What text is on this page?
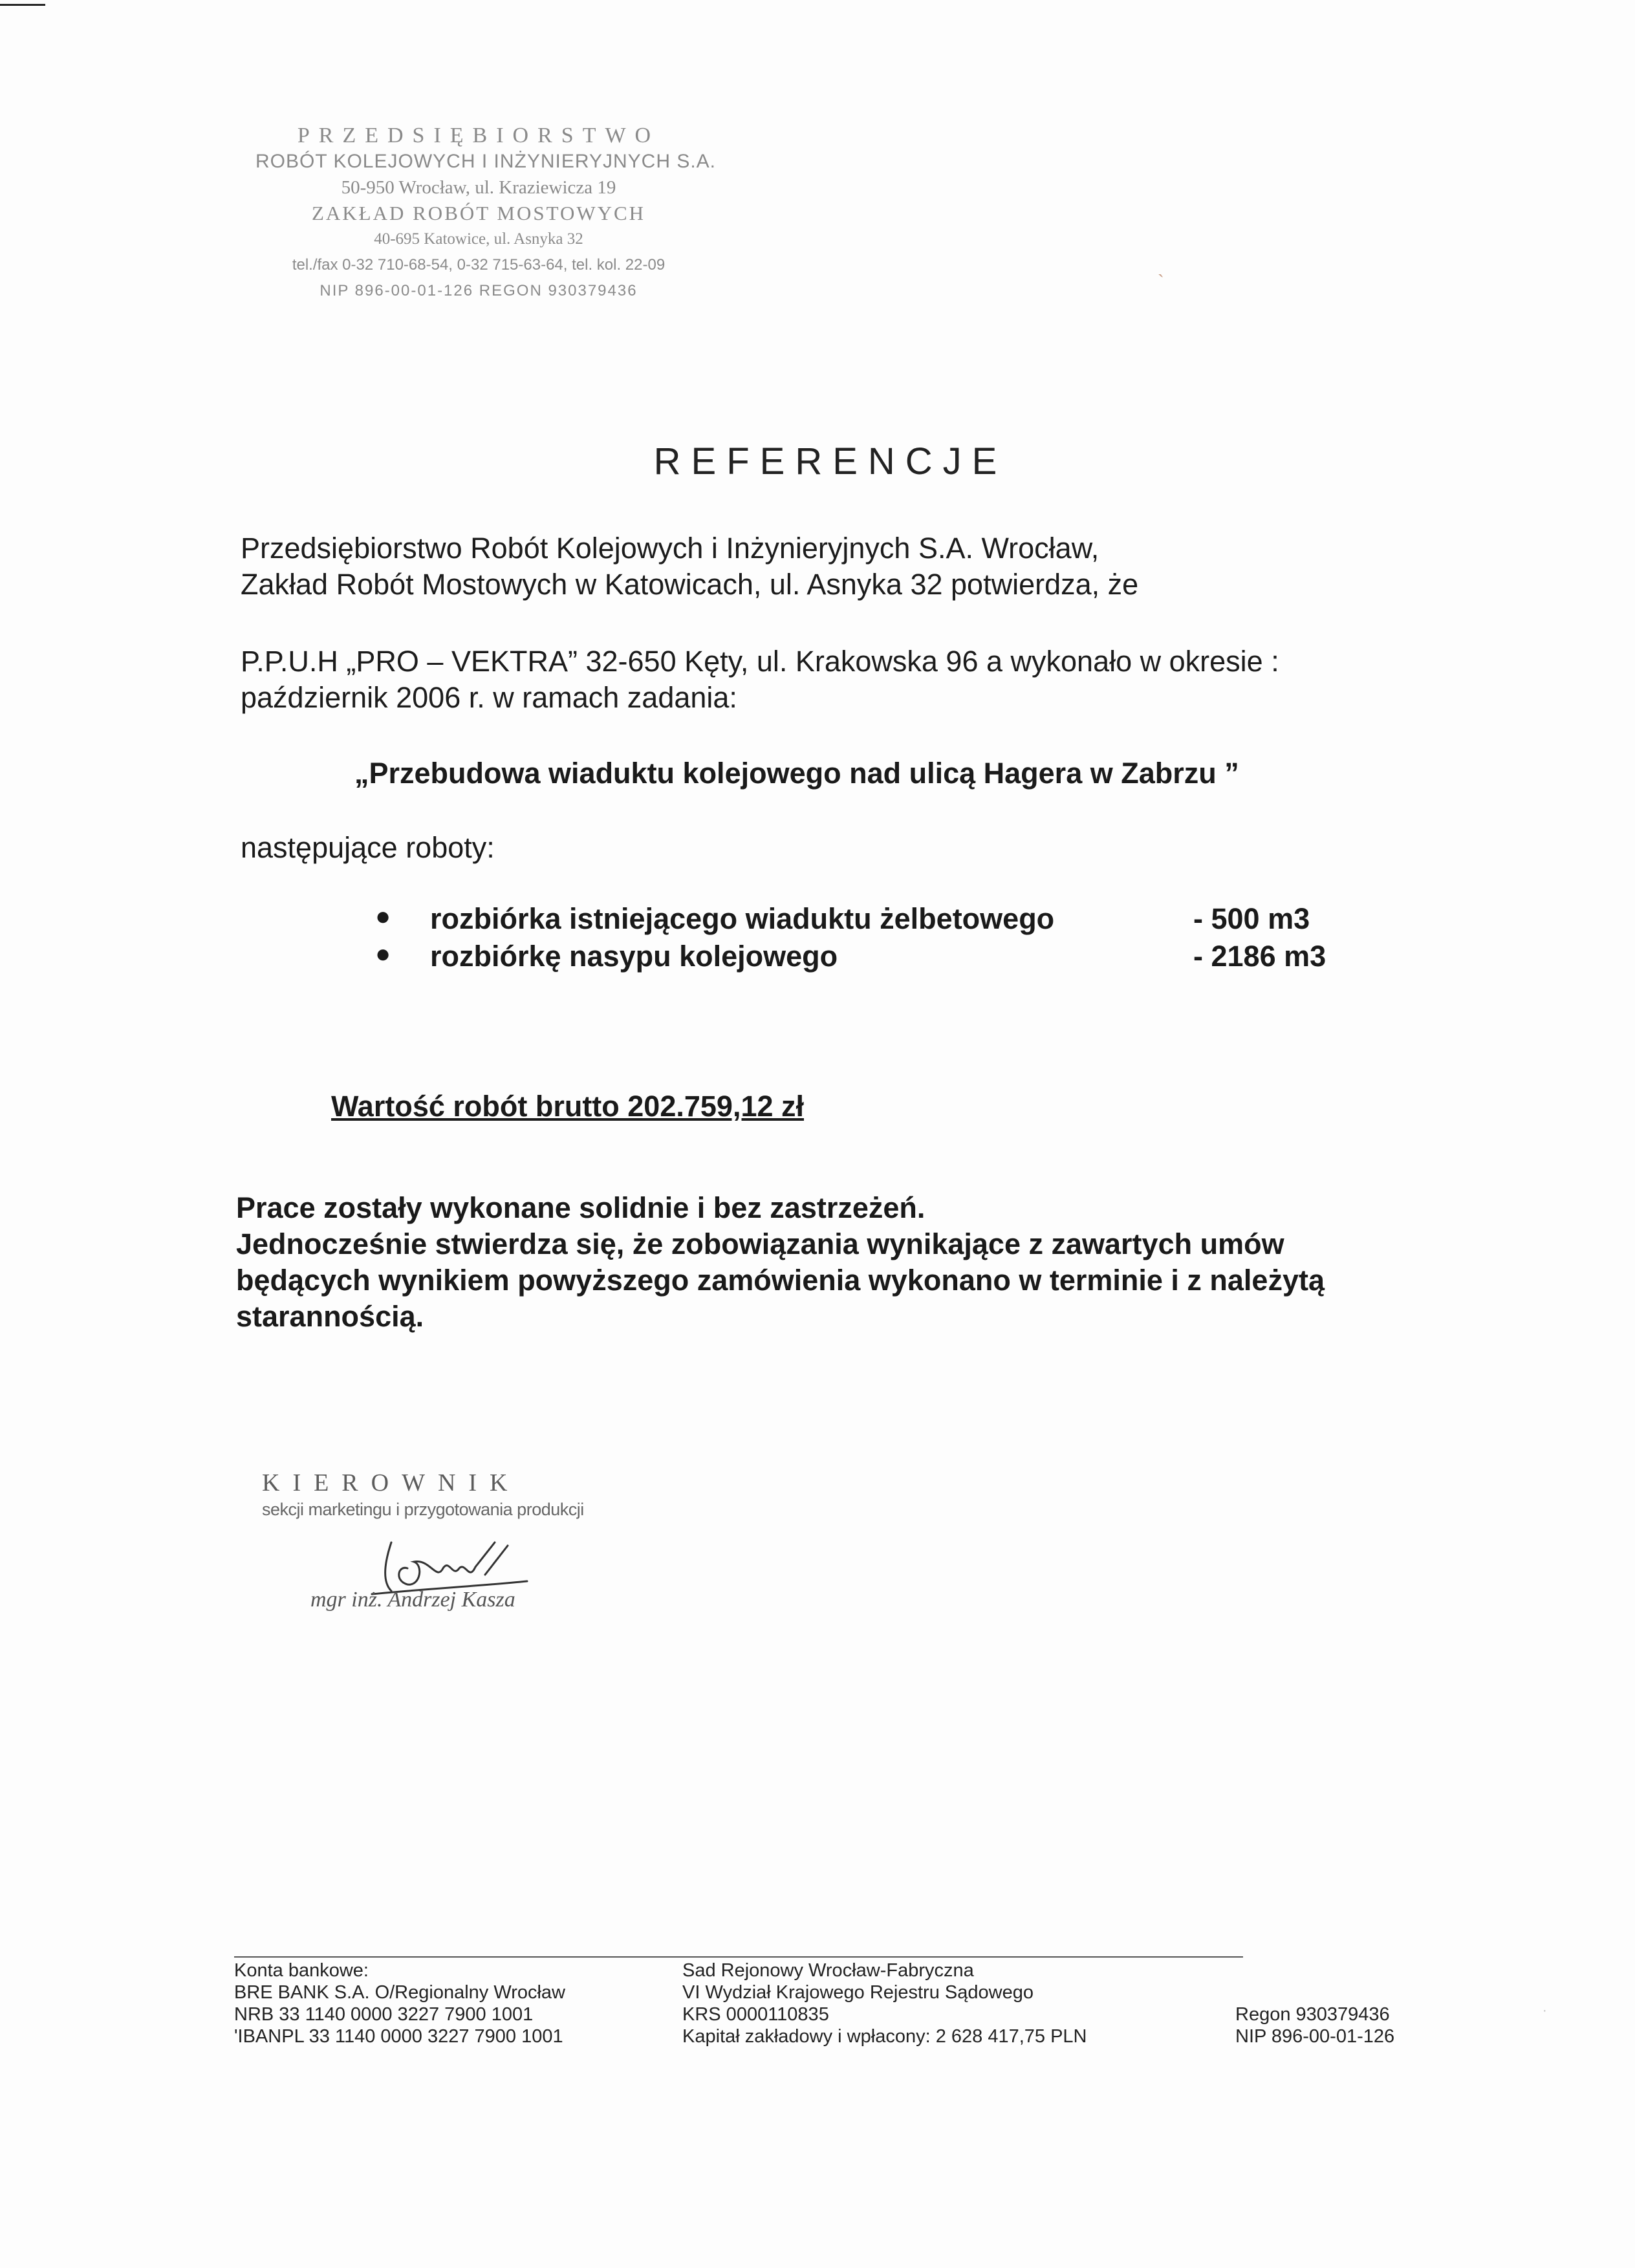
PRZEDSIĘBIORSTWO
ROBÓT KOLEJOWYCH I INŻYNIERYJNYCH S.A.
50-950 Wrocław, ul. Kraziewicza 19
ZAKŁAD ROBÓT MOSTOWYCH
40-695 Katowice, ul. Asnyka 32
tel./fax 0-32 710-68-54, 0-32 715-63-64, tel. kol. 22-09
NIP 896-00-01-126 REGON 930379436	`
REFERENCJE
Przedsiębiorstwo Robót Kolejowych i Inżynieryjnych S.A. Wrocław,
Zakład Robót Mostowych w Katowicach, ul. Asnyka 32 potwierdza, że
P.P.U.H „PRO – VEKTRA” 32-650 Kęty, ul. Krakowska 96 a wykonało w okresie :
październik 2006 r. w ramach zadania:
„Przebudowa wiaduktu kolejowego nad ulicą Hagera w Zabrzu ”
następujące roboty:
● rozbiórka istniejącego wiaduktu żelbetowego	- 500 m3
● rozbiórkę nasypu kolejowego	- 2186 m3
Wartość robót brutto 202.759,12 zł
Prace zostały wykonane solidnie i bez zastrzeżeń.
Jednocześnie stwierdza się, że zobowiązania wynikające z zawartych umów
będących wynikiem powyższego zamówienia wykonano w terminie i z należytą
starannością.
KIEROWNIK
sekcji marketingu i przygotowania produkcji
mgr inż. Andrzej Kasza
Konta bankowe:
BRE BANK S.A. O/Regionalny Wrocław
NRB 33 1140 0000 3227 7900 1001
'IBANPL 33 1140 0000 3227 7900 1001
Sad Rejonowy Wrocław-Fabryczna
VI Wydział Krajowego Rejestru Sądowego
KRS 0000110835
Kapitał zakładowy i wpłacony: 2 628 417,75 PLN
Regon 930379436
NIP 896-00-01-126
·
